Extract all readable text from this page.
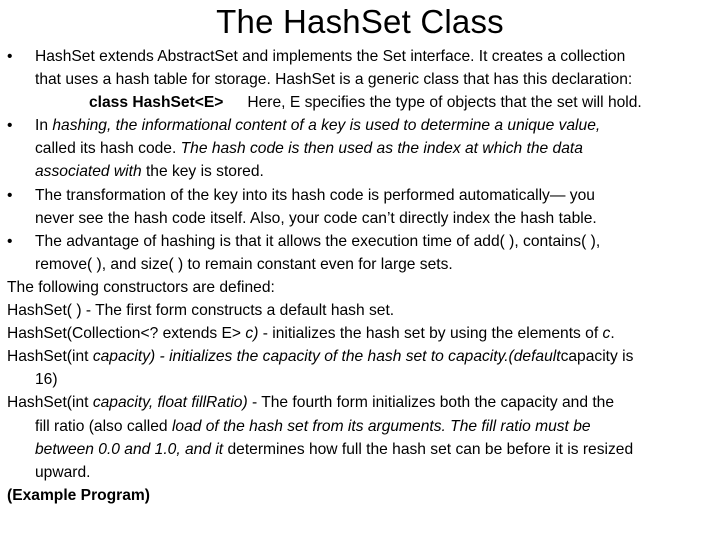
The HashSet Class
•	HashSet extends AbstractSet and implements the Set interface. It creates a collection
that uses a hash table for storage. HashSet is a generic class that has this declaration:
class HashSet<E> Here, E specifies the type of objects that the set will hold.
•	In hashing, the informational content of a key is used to determine a unique value,
called its hash code. The hash code is then used as the index at which the data
associated with the key is stored.
•	The transformation of the key into its hash code is performed automatically— you
never see the hash code itself. Also, your code can’t directly index the hash table.
•	The advantage of hashing is that it allows the execution time of add( ), contains( ),
remove( ), and size( ) to remain constant even for large sets.
The following constructors are defined:
HashSet( ) - The first form constructs a default hash set.
HashSet(Collection<? extends E> c) - initializes the hash set by using the elements of c.
HashSet(int capacity) - initializes the capacity of the hash set to capacity.(defaultcapacity is
16)
HashSet(int capacity, float fillRatio) - The fourth form initializes both the capacity and the
fill ratio (also called load of the hash set from its arguments. The fill ratio must be
between 0.0 and 1.0, and it determines how full the hash set can be before it is resized
upward.
(Example Program)
